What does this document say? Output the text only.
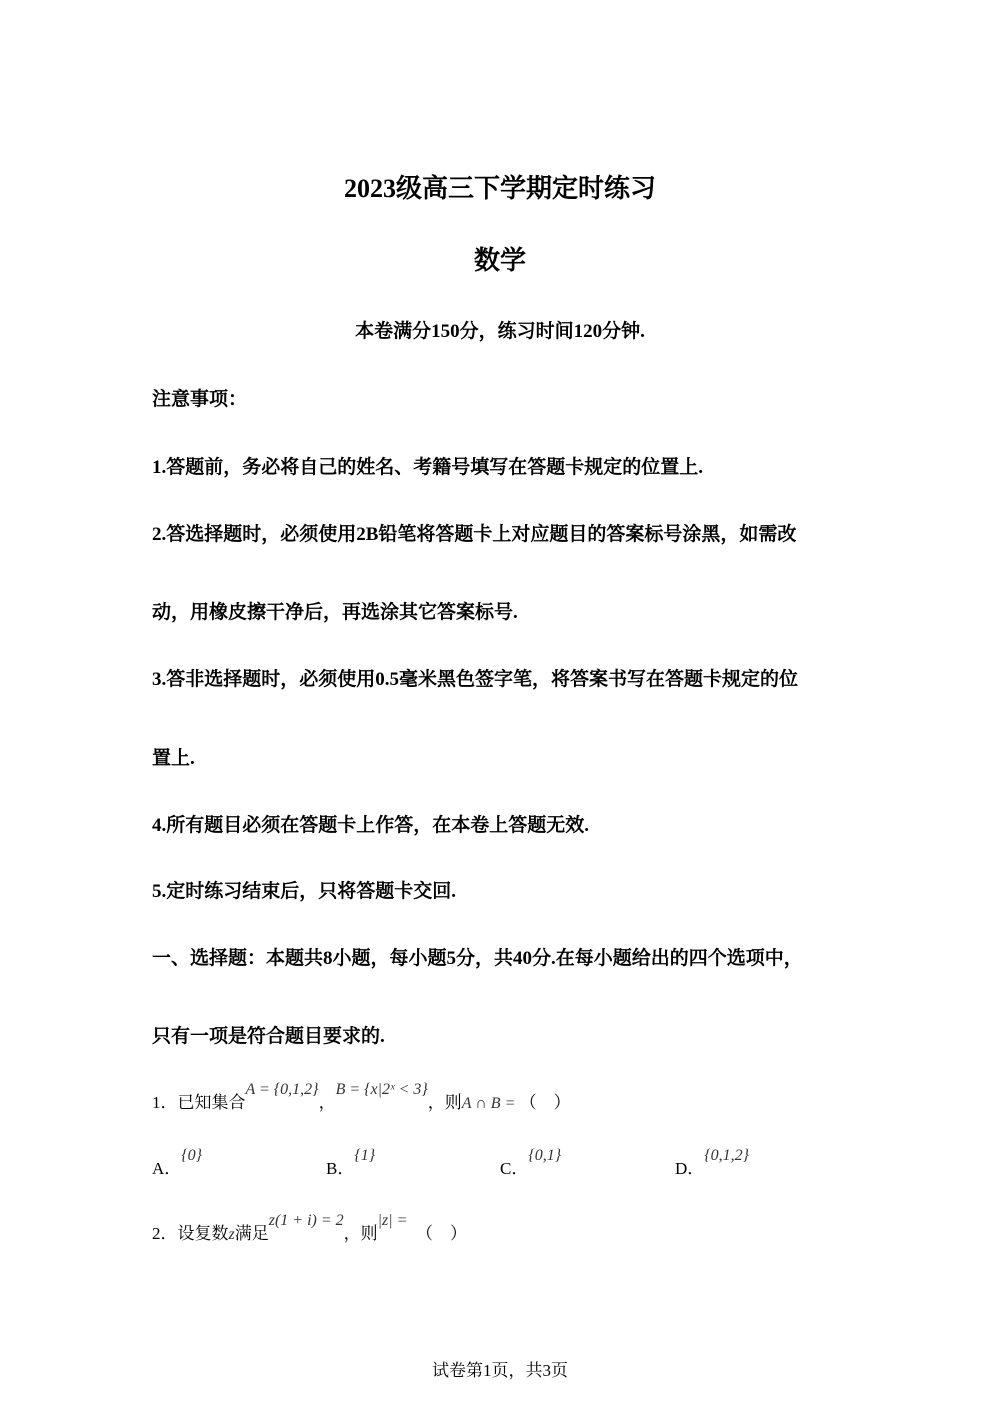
2023级高三下学期定时练习
数学
本卷满分150分，练习时间120分钟.
注意事项：
1.答题前，务必将自己的姓名、考籍号填写在答题卡规定的位置上.
2.答选择题时，必须使用2B铅笔将答题卡上对应题目的答案标号涂黑，如需改
动，用橡皮擦干净后，再选涂其它答案标号.
3.答非选择题时，必须使用0.5毫米黑色签字笔，将答案书写在答题卡规定的位
置上.
4.所有题目必须在答题卡上作答，在本卷上答题无效.
5.定时练习结束后，只将答题卡交回.
一、选择题：本题共8小题，每小题5分，共40分.在每小题给出的四个选项中，
只有一项是符合题目要求的.
1．已知集合A = {0,1,2}，B = {x|2ˣ < 3}，则A ∩ B = （　）
A．{0}
B．{1}
C．{0,1}
D．{0,1,2}
2．设复数z满足z(1 + i) = 2，则|z| =  （　）
试卷第1页，共3页
